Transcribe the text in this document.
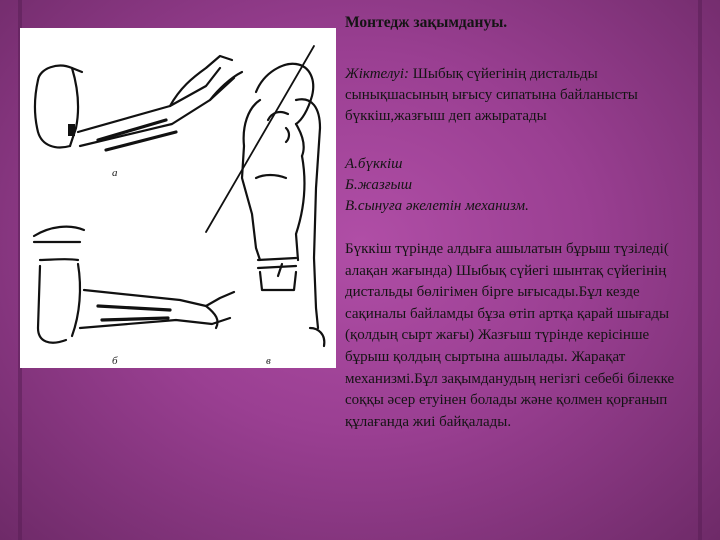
а
б	в
Монтедж зақымдануы.

Жіктелуі: Шыбық сүйегінің дистальды сынықшасының ығысу сипатына байланысты бүккіш,жазғыш деп ажыратады

А.бүккіш
Б.жазғыш
В.сынуға әкелетін механизм.

Бүккіш түрінде алдыға ашылатын бұрыш түзіледі( алақан жағында) Шыбық сүйегі шынтақ сүйегінің дистальды бөлігімен бірге ығысады.Бұл кезде сақиналы байламды бұза өтіп артқа қарай шығады (қолдың сырт жағы) Жазғыш түрінде керісінше бұрыш қолдың сыртына ашылады. Жарақат механизмі.Бұл зақымданудың негізгі себебі білекке соққы әсер етуінен болады және қолмен қорғанып құлағанда жиі байқалады.
